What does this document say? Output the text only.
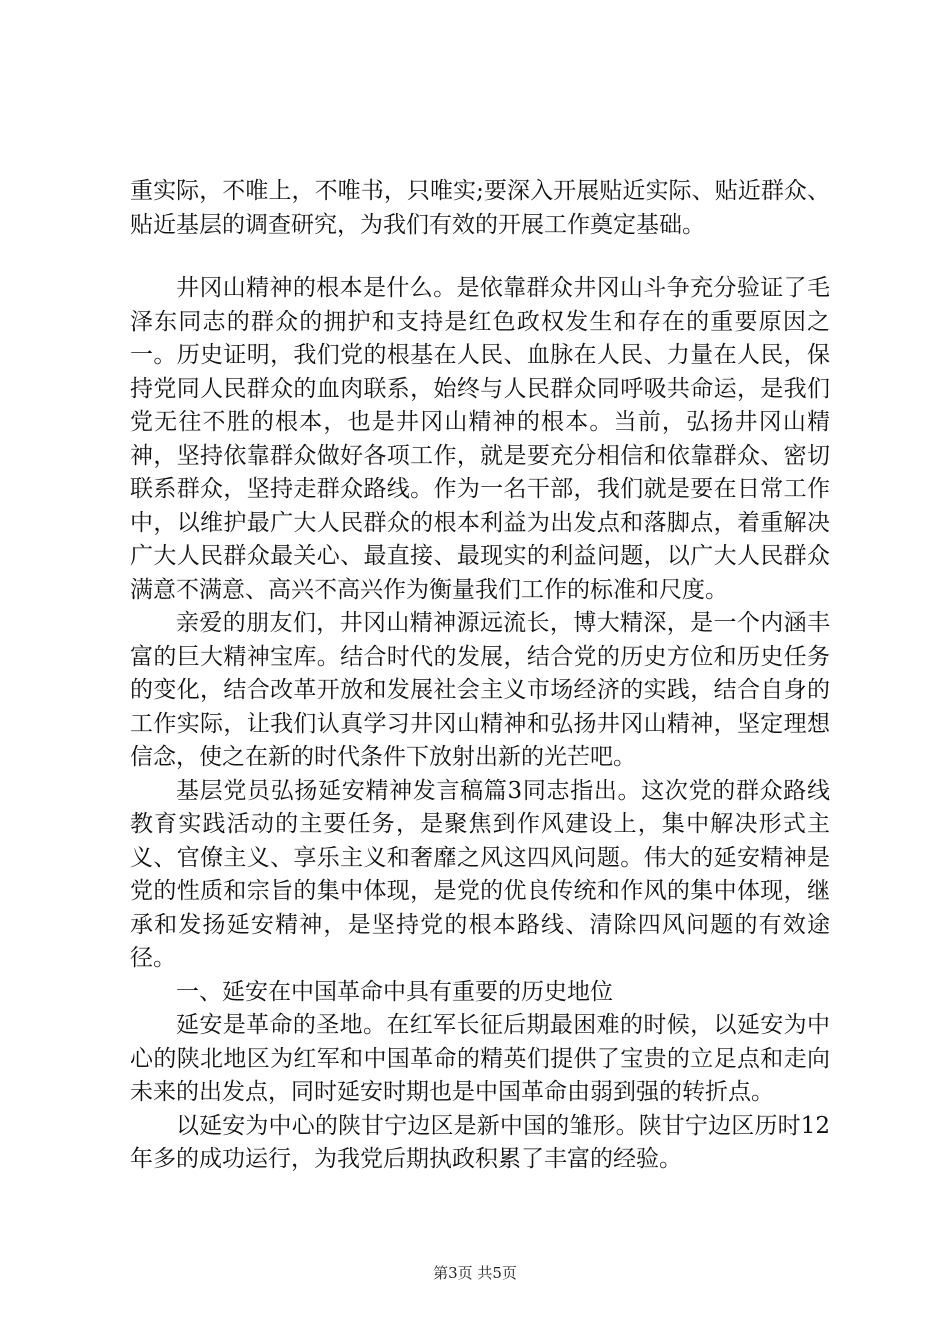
重实际，不唯上，不唯书，只唯实;要深入开展贴近实际、贴近群众、贴近基层的调查研究，为我们有效的开展工作奠定基础。

井冈山精神的根本是什么。是依靠群众井冈山斗争充分验证了毛泽东同志的群众的拥护和支持是红色政权发生和存在的重要原因之一。历史证明，我们党的根基在人民、血脉在人民、力量在人民，保持党同人民群众的血肉联系，始终与人民群众同呼吸共命运，是我们党无往不胜的根本，也是井冈山精神的根本。当前，弘扬井冈山精神，坚持依靠群众做好各项工作，就是要充分相信和依靠群众、密切联系群众，坚持走群众路线。作为一名干部，我们就是要在日常工作中，以维护最广大人民群众的根本利益为出发点和落脚点，着重解决广大人民群众最关心、最直接、最现实的利益问题，以广大人民群众满意不满意、高兴不高兴作为衡量我们工作的标准和尺度。

亲爱的朋友们，井冈山精神源远流长，博大精深，是一个内涵丰富的巨大精神宝库。结合时代的发展，结合党的历史方位和历史任务的变化，结合改革开放和发展社会主义市场经济的实践，结合自身的工作实际，让我们认真学习井冈山精神和弘扬井冈山精神，坚定理想信念，使之在新的时代条件下放射出新的光芒吧。

基层党员弘扬延安精神发言稿篇3同志指出。这次党的群众路线教育实践活动的主要任务，是聚焦到作风建设上，集中解决形式主义、官僚主义、享乐主义和奢靡之风这四风问题。伟大的延安精神是党的性质和宗旨的集中体现，是党的优良传统和作风的集中体现，继承和发扬延安精神，是坚持党的根本路线、清除四风问题的有效途径。

一、延安在中国革命中具有重要的历史地位

延安是革命的圣地。在红军长征后期最困难的时候，以延安为中心的陕北地区为红军和中国革命的精英们提供了宝贵的立足点和走向未来的出发点，同时延安时期也是中国革命由弱到强的转折点。

以延安为中心的陕甘宁边区是新中国的雏形。陕甘宁边区历时12年多的成功运行，为我党后期执政积累了丰富的经验。

第3页 共5页
